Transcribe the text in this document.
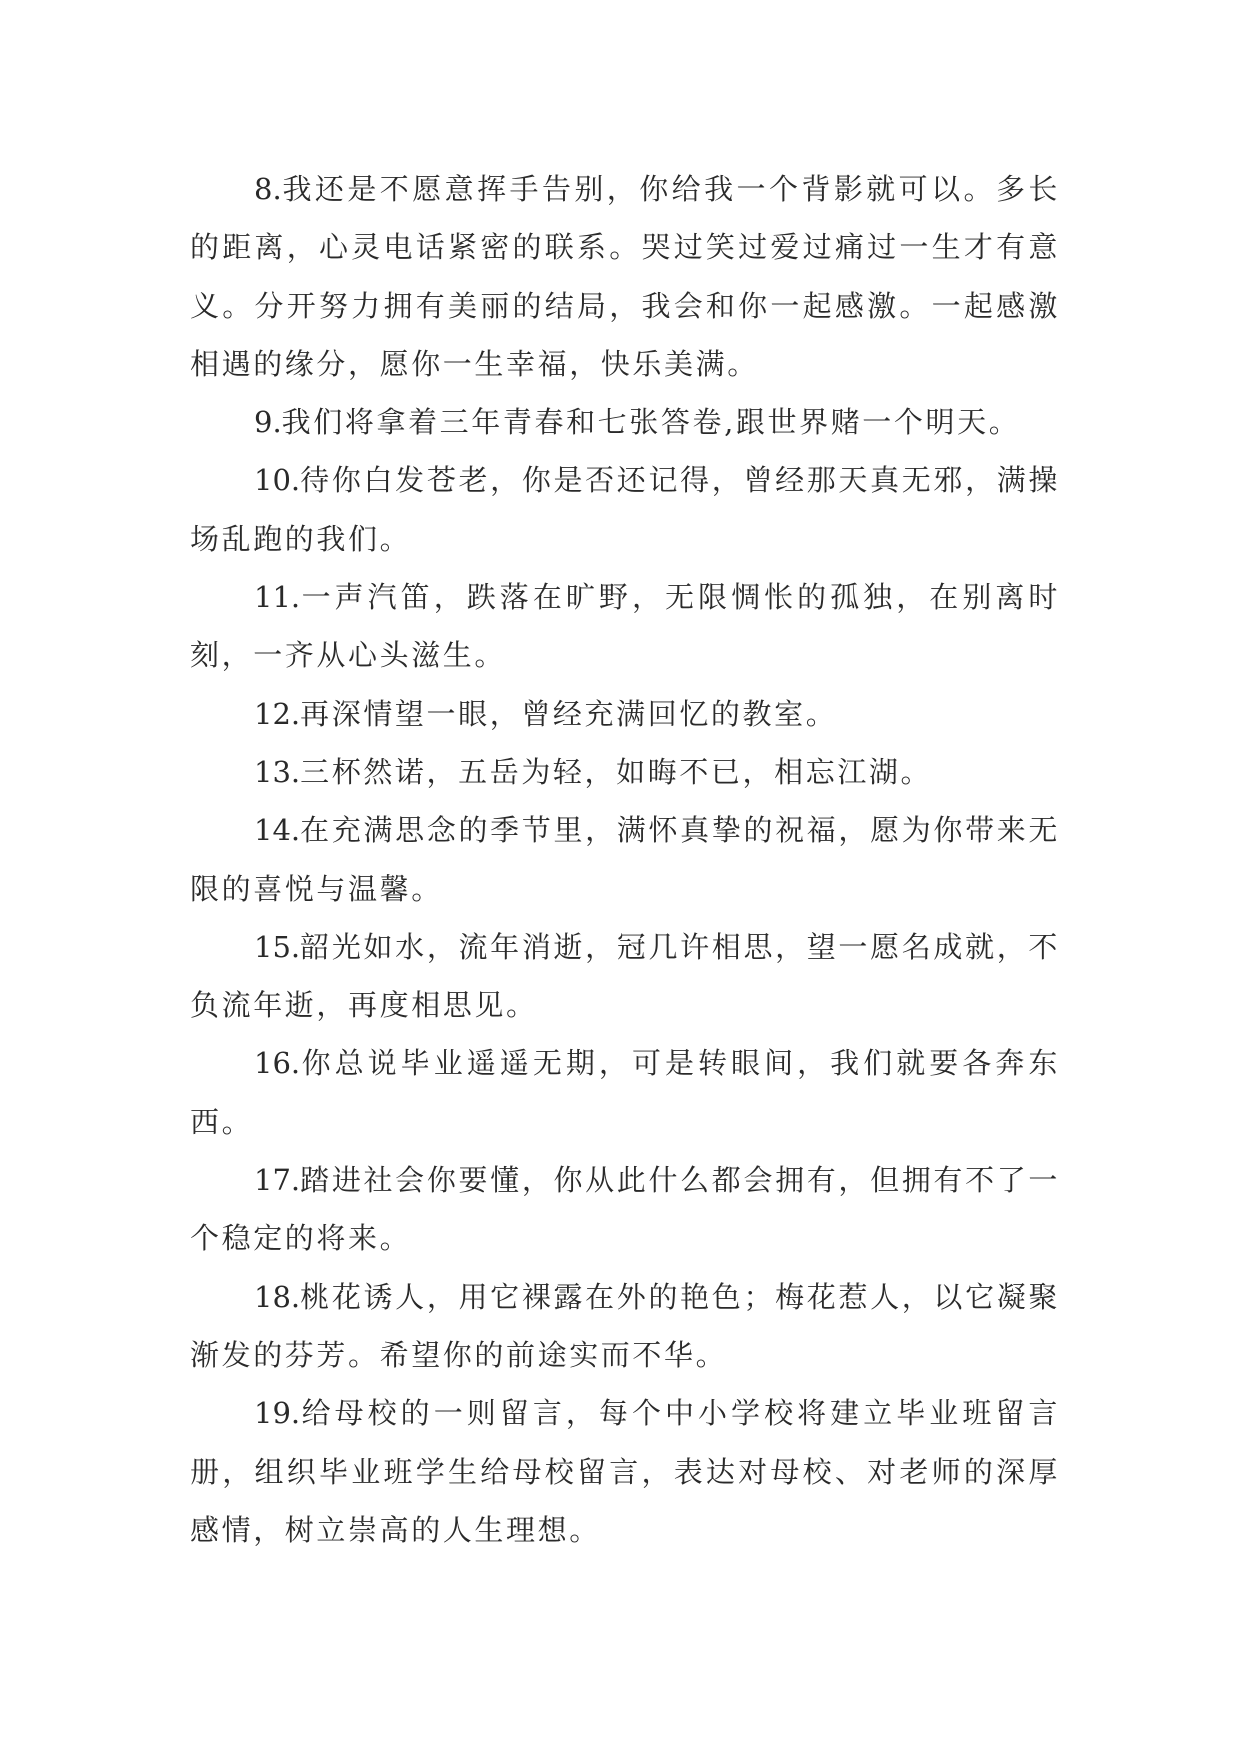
8.我还是不愿意挥手告别，你给我一个背影就可以。多长的距离，心灵电话紧密的联系。哭过笑过爱过痛过一生才有意义。分开努力拥有美丽的结局，我会和你一起感激。一起感激相遇的缘分，愿你一生幸福，快乐美满。

9.我们将拿着三年青春和七张答卷,跟世界赌一个明天。

10.待你白发苍老，你是否还记得，曾经那天真无邪，满操场乱跑的我们。

11.一声汽笛，跌落在旷野，无限惆怅的孤独，在别离时刻，一齐从心头滋生。

12.再深情望一眼，曾经充满回忆的教室。

13.三杯然诺，五岳为轻，如晦不已，相忘江湖。

14.在充满思念的季节里，满怀真挚的祝福，愿为你带来无限的喜悦与温馨。

15.韶光如水，流年消逝，冠几许相思，望一愿名成就，不负流年逝，再度相思见。

16.你总说毕业遥遥无期，可是转眼间，我们就要各奔东西。

17.踏进社会你要懂，你从此什么都会拥有，但拥有不了一个稳定的将来。

18.桃花诱人，用它裸露在外的艳色；梅花惹人，以它凝聚渐发的芬芳。希望你的前途实而不华。

19.给母校的一则留言，每个中小学校将建立毕业班留言册，组织毕业班学生给母校留言，表达对母校、对老师的深厚感情，树立崇高的人生理想。
